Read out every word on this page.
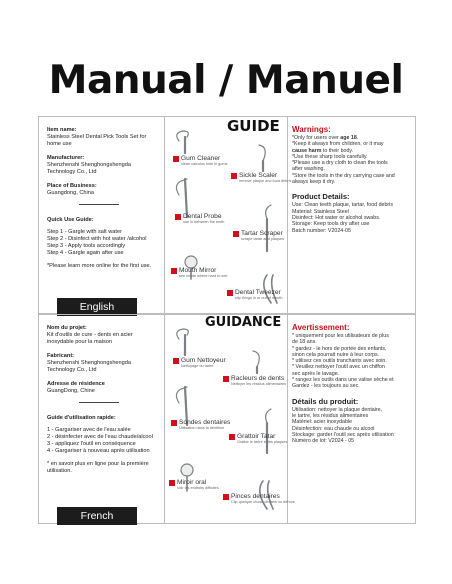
Manual / Manuel
Item name:
Stainless Steel Dental Pick Tools Set for home use
Manufacturer:
Shenzhenshi Shenghongshengda Technology Co., Ltd
Place of Business:
Guangdong, China
Quick Use Guide:
Step 1 - Gargle with salt water
Step 2 - Disinfect with hot water /alcohol
Step 3 - Apply tools accordingly
Step 4 - Gargle again after use
*Please learn more online for the first use.
English
GUIDE
Gum Cleaner
clean calculus hide in gums
Sickle Scaler
remove plaque and food debris
Dental Probe
use in between the teeth
Tartar Scraper
scrape tartar and plaques
Mouth Mirror
see inside where hard to see
Dental Tweezer
clip things in or out of mouth
Warnings:
*Only for users over age 18.
*Keep it always from children, or it may
cause harm to their body.
*Use these sharp tools carefully.
*Please use a dry cloth to clean the tools
after washing.
*Store the tools in the dry carrying case and
always keep it dry.
Product Details:
Use: Clean teeth plaque, tartar, food debris
Material: Stainless Steel
Disinfect: Hot water or alcohol swabs.
Storage: Keep tools dry after use
Batch number: V2024-05
Nom du projet:
Kit d'outils de cure - dents en acier inoxydable pour la maison
Fabricant:
Shenzhenshi Shenghongshengda Technology Co., Ltd
Adresse de résidence
GuangDong, Chine
Guide d'utilisation rapide:
1 - Gargariser avec de l'eau salée
2 - désinfecter avec de l'eau chaude/alcool
3 - appliquez l'outil en conséquence
4 - Gargariser à nouveau après utilisation
* en savoir plus en ligne pour la première
utilisation.
French
GUIDANCE
Gum Nettoyeur
Nettoyage du tartre
Racleurs de dents
Nettoyer les résidus alimentaires
Sondes dentaires
Utilisation dans la dentition
Grattoir Tatar
Gratter le tartre et les plaques
Miroir oral
Voir les endroits difficiles
Pinces dentaires
Clip quelque chose dedans ou dehors
Avertissement:
* uniquement pour les utilisateurs de plus
de 18 ans.
* gardez - le hors de portée des enfants,
sinon cela pourrait nuire à leur corps.
* utilisez ces outils tranchants avec soin.
* Veuillez nettoyer l'outil avec un chiffon
sec après le lavage.
* rangez les outils dans une valise sèche et
Gardez - les toujours au sec.
Détails du produit:
Utilisation: nettoyer la plaque dentaire,
le tartre, les résidus alimentaires
Matériel: acier inoxydable
Désinfection: eau chaude ou alcool
Stockage: garder l'outil sec après utilisation
Numéro de lot: V2024 - 05
